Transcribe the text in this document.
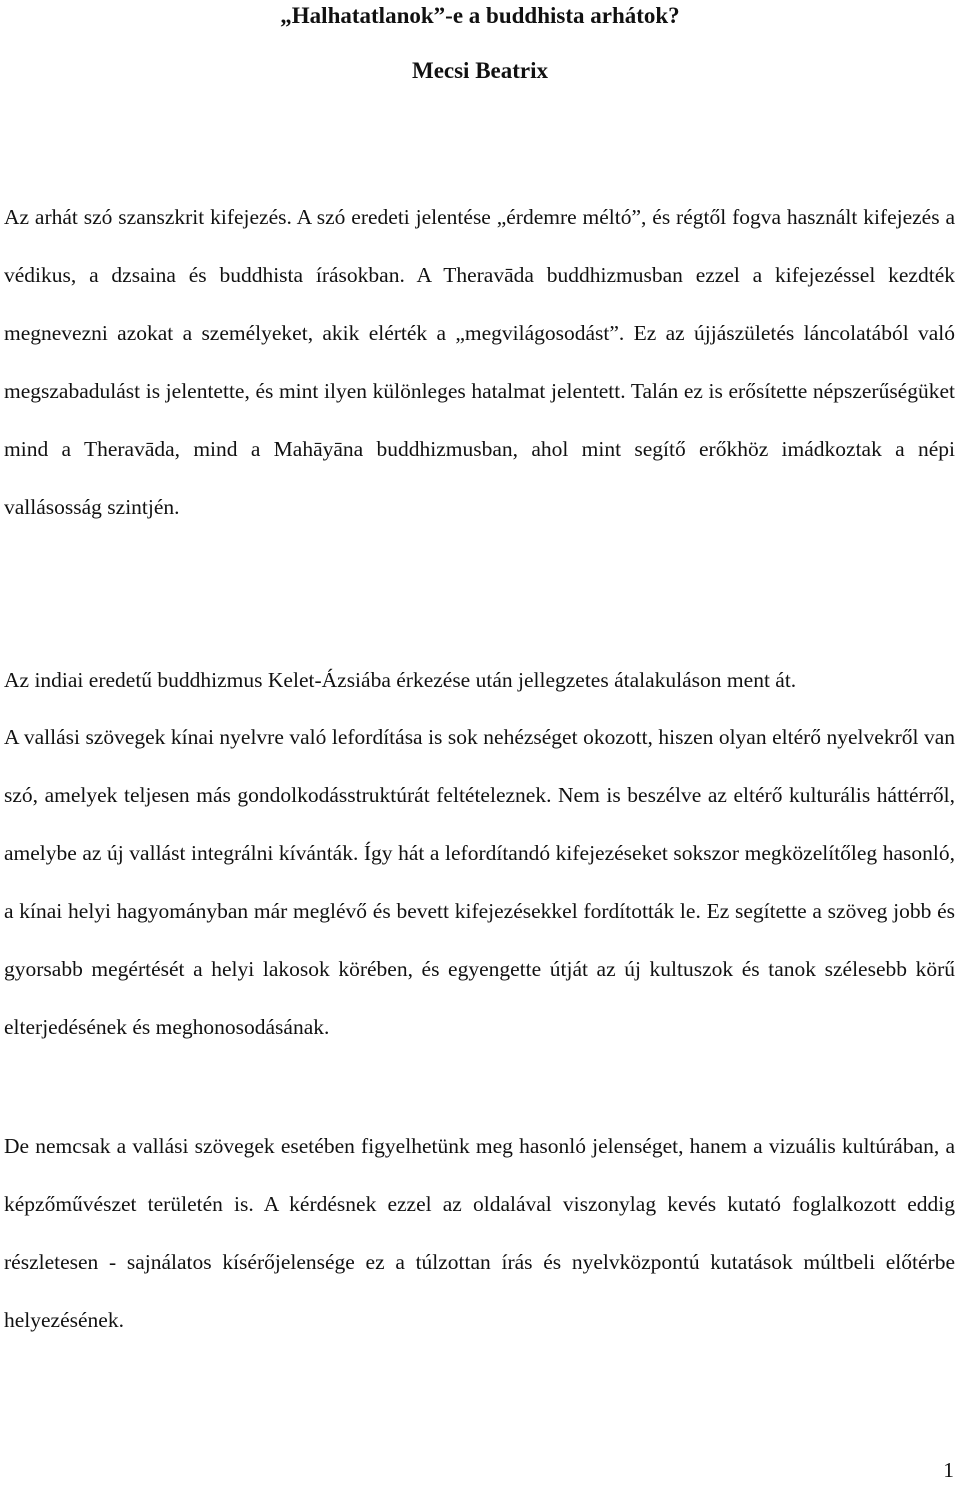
„Halhatatlanok”-e a buddhista arhátok?
Mecsi Beatrix

Az arhát szó szanszkrit kifejezés. A szó eredeti jelentése „érdemre méltó”, és régtől fogva használt kifejezés a védikus, a dzsaina és buddhista írásokban. A Theravāda buddhizmusban ezzel a kifejezéssel kezdték megnevezni azokat a személyeket, akik elérték a „megvilágosodást”. Ez az újjászületés láncolatából való megszabadulást is jelentette, és mint ilyen különleges hatalmat jelentett. Talán ez is erősítette népszerűségüket mind a Theravāda, mind a Mahāyāna buddhizmusban, ahol mint segítő erőkhöz imádkoztak a népi vallásosság szintjén.

Az indiai eredetű buddhizmus Kelet-Ázsiába érkezése után jellegzetes átalakuláson ment át.

A vallási szövegek kínai nyelvre való lefordítása is sok nehézséget okozott, hiszen olyan eltérő nyelvekről van szó, amelyek teljesen más gondolkodásstruktúrát feltételeznek. Nem is beszélve az eltérő kulturális háttérről, amelybe az új vallást integrálni kívánták. Így hát a lefordítandó kifejezéseket sokszor megközelítőleg hasonló, a kínai helyi hagyományban már meglévő és bevett kifejezésekkel fordították le. Ez segítette a szöveg jobb és gyorsabb megértését a helyi lakosok körében, és egyengette útját az új kultuszok és tanok szélesebb körű elterjedésének és meghonosodásának.

De nemcsak a vallási szövegek esetében figyelhetünk meg hasonló jelenséget, hanem a vizuális kultúrában, a képzőművészet területén is. A kérdésnek ezzel az oldalával viszonylag kevés kutató foglalkozott eddig részletesen - sajnálatos kísérőjelensége ez a túlzottan írás és nyelvközpontú kutatások múltbeli előtérbe helyezésének.

1
